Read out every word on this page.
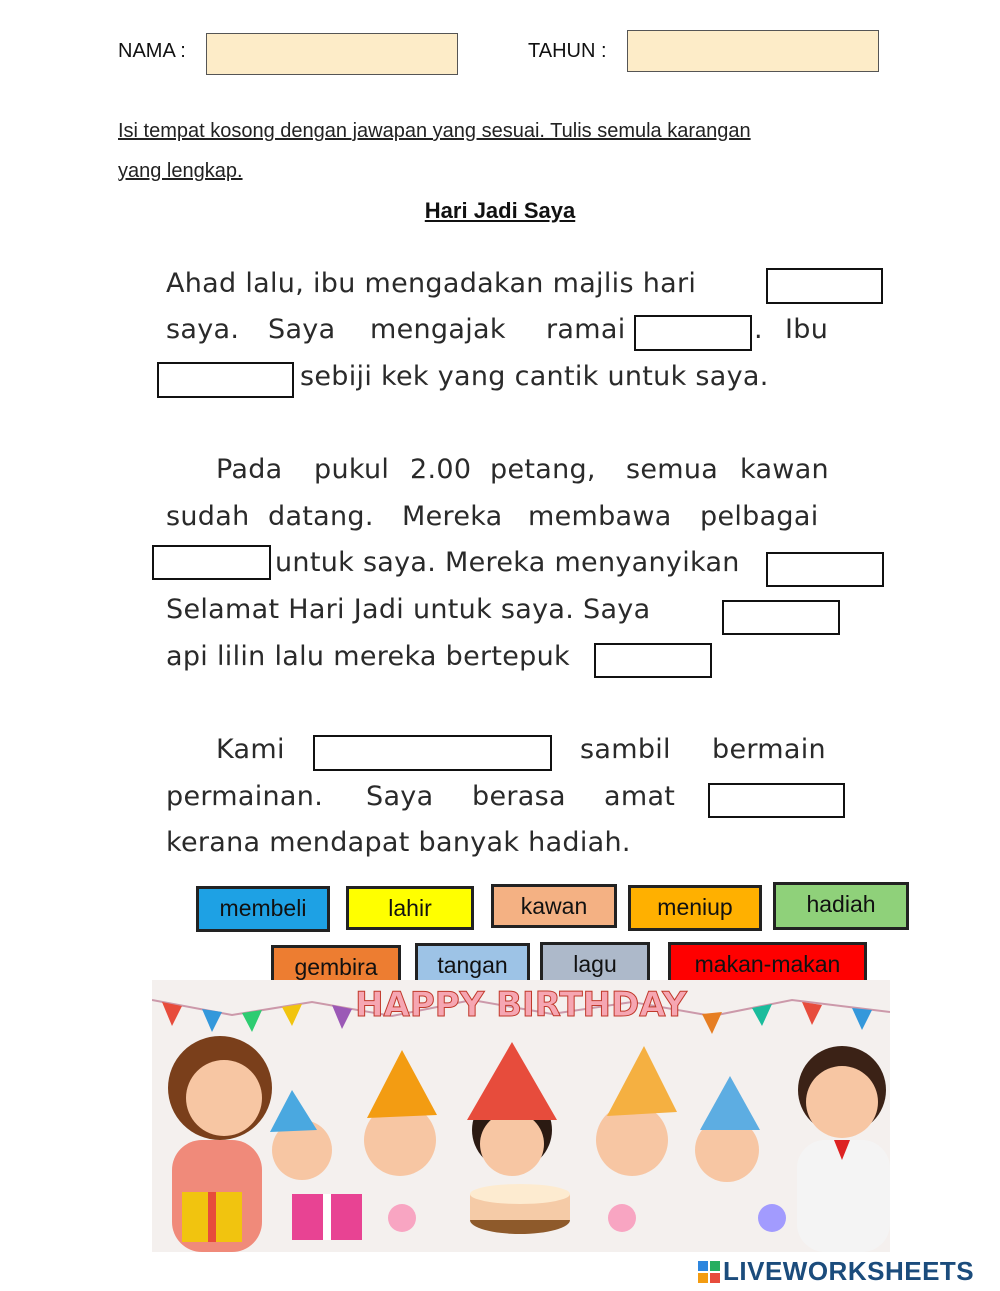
NAMA :	TAHUN :
Isi tempat kosong dengan jawapan yang sesuai. Tulis semula karangan
yang lengkap.
Hari Jadi Saya
Ahad lalu, ibu mengadakan majlis hari
saya. Saya mengajak ramai	. Ibu
sebiji kek yang cantik untuk saya.
Pada pukul 2.00 petang, semua kawan
sudah datang. Mereka membawa pelbagai
untuk saya. Mereka menyanyikan
Selamat Hari Jadi untuk saya. Saya
api lilin lalu mereka bertepuk
Kami	sambil bermain
permainan. Saya berasa amat
kerana mendapat banyak hadiah.
membeli	lahir	kawan	meniup	hadiah
gembira	tangan	lagu	makan-makan
HAPPY BIRTHDAY
LIVEWORKSHEETS
